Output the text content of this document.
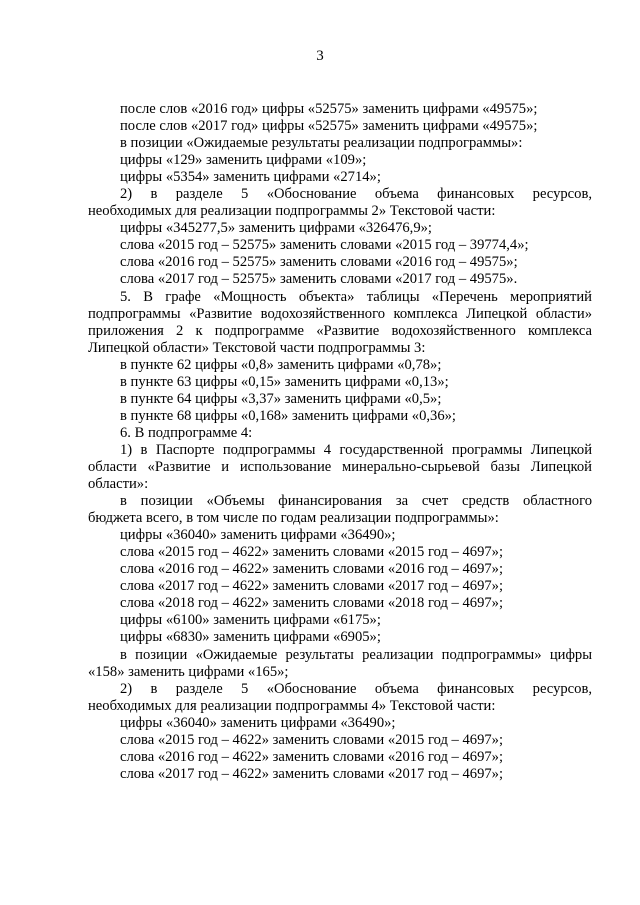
3
после слов «2016 год» цифры «52575» заменить цифрами «49575»;
после слов «2017 год» цифры «52575» заменить цифрами «49575»;
в позиции «Ожидаемые результаты реализации подпрограммы»:
цифры «129» заменить цифрами «109»;
цифры «5354» заменить цифрами «2714»;
2) в разделе 5 «Обоснование объема финансовых ресурсов,
необходимых для реализации подпрограммы 2» Текстовой части:
цифры «345277,5» заменить цифрами «326476,9»;
слова «2015 год – 52575» заменить словами «2015 год – 39774,4»;
слова «2016 год – 52575» заменить словами «2016 год – 49575»;
слова «2017 год – 52575» заменить словами «2017 год – 49575».
5. В графе «Мощность объекта» таблицы «Перечень мероприятий
подпрограммы «Развитие водохозяйственного комплекса Липецкой области»
приложения 2 к подпрограмме «Развитие водохозяйственного комплекса
Липецкой области» Текстовой части подпрограммы 3:
в пункте 62 цифры «0,8» заменить цифрами «0,78»;
в пункте 63 цифры «0,15» заменить цифрами «0,13»;
в пункте 64 цифры «3,37» заменить цифрами «0,5»;
в пункте 68 цифры «0,168» заменить цифрами «0,36»;
6. В подпрограмме 4:
1) в Паспорте подпрограммы 4 государственной программы Липецкой
области «Развитие и использование минерально-сырьевой базы Липецкой
области»:
в позиции «Объемы финансирования за счет средств областного
бюджета всего, в том числе по годам реализации подпрограммы»:
цифры «36040» заменить цифрами «36490»;
слова «2015 год – 4622» заменить словами «2015 год – 4697»;
слова «2016 год – 4622» заменить словами «2016 год – 4697»;
слова «2017 год – 4622» заменить словами «2017 год – 4697»;
слова «2018 год – 4622» заменить словами «2018 год – 4697»;
цифры «6100» заменить цифрами «6175»;
цифры «6830» заменить цифрами «6905»;
в позиции «Ожидаемые результаты реализации подпрограммы» цифры
«158» заменить цифрами «165»;
2) в разделе 5 «Обоснование объема финансовых ресурсов,
необходимых для реализации подпрограммы 4» Текстовой части:
цифры «36040» заменить цифрами «36490»;
слова «2015 год – 4622» заменить словами «2015 год – 4697»;
слова «2016 год – 4622» заменить словами «2016 год – 4697»;
слова «2017 год – 4622» заменить словами «2017 год – 4697»;
